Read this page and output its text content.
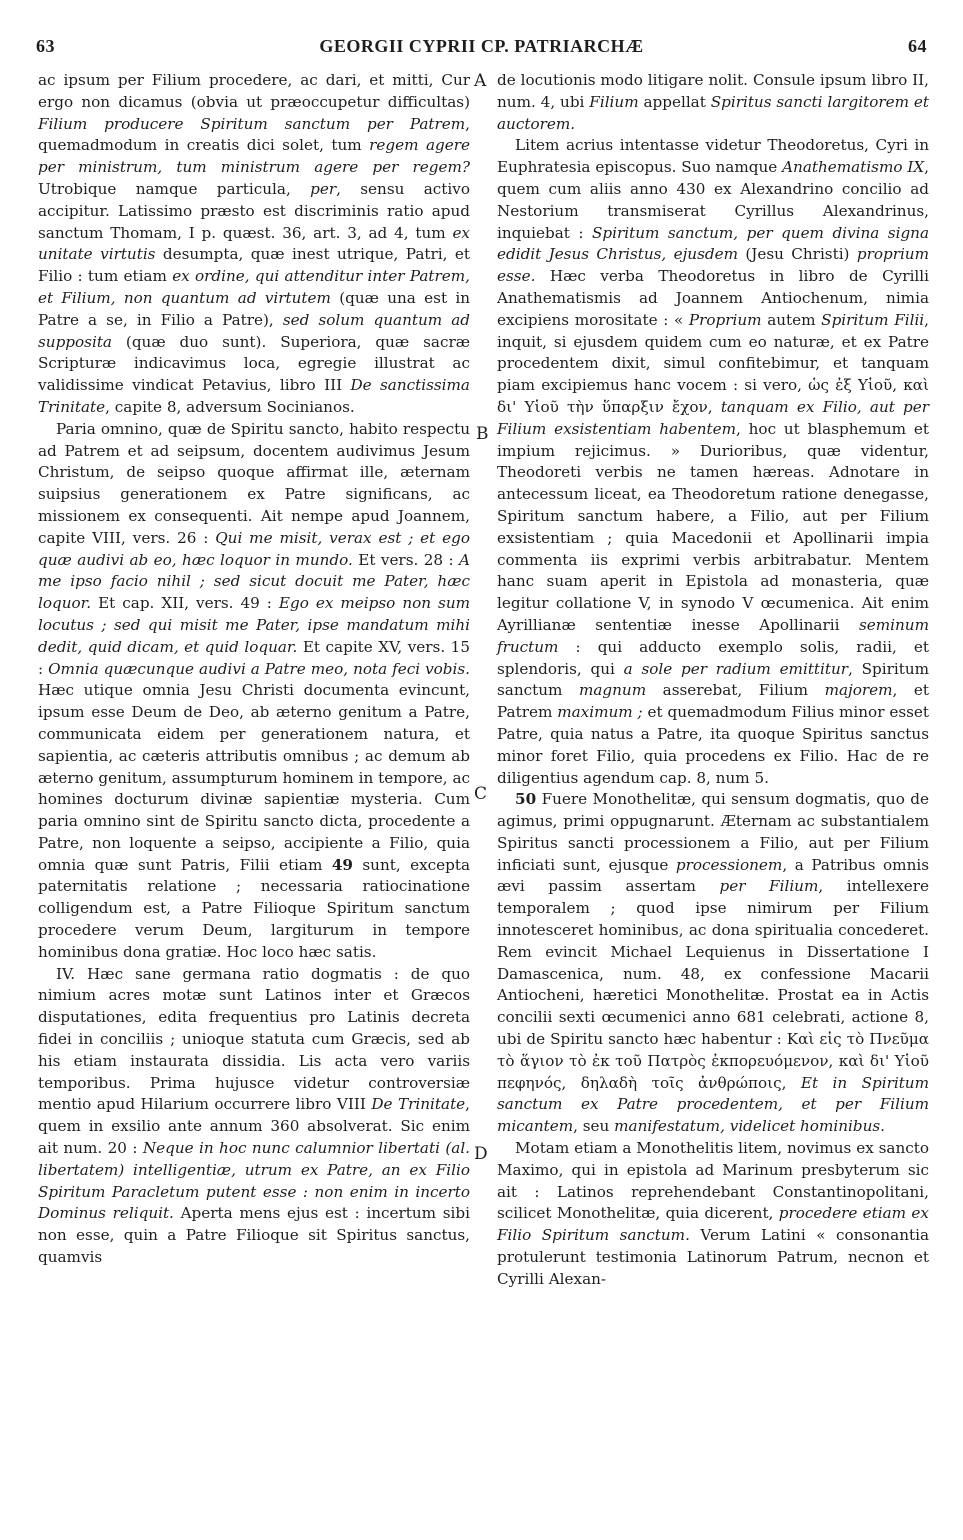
63	GEORGII CYPRII CP. PATRIARCHÆ	64
A
B
C
D

ac ipsum per Filium procedere, ac dari, et mitti, Cur ergo non dicamus (obvia ut præoccupetur difficultas) Filium producere Spiritum sanctum per Patrem, quemadmodum in creatis dici solet, tum regem agere per ministrum, tum ministrum agere per regem? Utrobique namque particula, per, sensu activo accipitur. Latissimo præsto est discriminis ratio apud sanctum Thomam, I p. quæst. 36, art. 3, ad 4, tum ex unitate virtutis desumpta, quæ inest utrique, Patri, et Filio : tum etiam ex ordine, qui attenditur inter Patrem, et Filium, non quantum ad virtutem (quæ una est in Patre a se, in Filio a Patre), sed solum quantum ad supposita (quæ duo sunt). Superiora, quæ sacræ Scripturæ indicavimus loca, egregie illustrat ac validissime vindicat Petavius, libro III De sanctissima Trinitate, capite 8, adversum Socinianos.

Paria omnino, quæ de Spiritu sancto, habito respectu ad Patrem et ad seipsum, docentem audivimus Jesum Christum, de seipso quoque affirmat ille, æternam suipsius generationem ex Patre significans, ac missionem ex consequenti. Ait nempe apud Joannem, capite VIII, vers. 26 : Qui me misit, verax est ; et ego quæ audivi ab eo, hæc loquor in mundo. Et vers. 28 : A me ipso facio nihil ; sed sicut docuit me Pater, hæc loquor. Et cap. XII, vers. 49 : Ego ex meipso non sum locutus ; sed qui misit me Pater, ipse mandatum mihi dedit, quid dicam, et quid loquar. Et capite XV, vers. 15 : Omnia quæcunque audivi a Patre meo, nota feci vobis. Hæc utique omnia Jesu Christi documenta evincunt, ipsum esse Deum de Deo, ab æterno genitum a Patre, communicata eidem per generationem natura, et sapientia, ac cæteris attributis omnibus ; ac demum ab æterno genitum, assumpturum hominem in tempore, ac homines docturum divinæ sapientiæ mysteria. Cum paria omnino sint de Spiritu sancto dicta, procedente a Patre, non loquente a seipso, accipiente a Filio, quia omnia quæ sunt Patris, Filii etiam 49 sunt, excepta paternitatis relatione ; necessaria ratiocinatione colligendum est, a Patre Filioque Spiritum sanctum procedere verum Deum, largiturum in tempore hominibus dona gratiæ. Hoc loco hæc satis.

IV. Hæc sane germana ratio dogmatis : de quo nimium acres motæ sunt Latinos inter et Græcos disputationes, edita frequentius pro Latinis decreta fidei in conciliis ; unioque statuta cum Græcis, sed ab his etiam instaurata dissidia. Lis acta vero variis temporibus. Prima hujusce videtur controversiæ mentio apud Hilarium occurrere libro VIII De Trinitate, quem in exsilio ante annum 360 absolverat. Sic enim ait num. 20 : Neque in hoc nunc calumnior libertati (al. libertatem) intelligentiæ, utrum ex Patre, an ex Filio Spiritum Paracletum putent esse : non enim in incerto Dominus reliquit. Aperta mens ejus est : incertum sibi non esse, quin a Patre Filioque sit Spiritus sanctus, quamvis

de locutionis modo litigare nolit. Consule ipsum libro II, num. 4, ubi Filium appellat Spiritus sancti largitorem et auctorem.

Litem acrius intentasse videtur Theodoretus, Cyri in Euphratesia episcopus. Suo namque Anathematismo IX, quem cum aliis anno 430 ex Alexandrino concilio ad Nestorium transmiserat Cyrillus Alexandrinus, inquiebat : Spiritum sanctum, per quem divina signa edidit Jesus Christus, ejusdem (Jesu Christi) proprium esse. Hæc verba Theodoretus in libro de Cyrilli Anathematismis ad Joannem Antiochenum, nimia excipiens morositate : « Proprium autem Spiritum Filii, inquit, si ejusdem quidem cum eo naturæ, et ex Patre procedentem dixit, simul confitebimur, et tanquam piam excipiemus hanc vocem : si vero, ὡς ἐξ Υἱοῦ, καὶ δι' Υἱοῦ τὴν ὕπαρξιν ἔχον, tanquam ex Filio, aut per Filium exsistentiam habentem, hoc ut blasphemum et impium rejicimus. » Durioribus, quæ videntur, Theodoreti verbis ne tamen hæreas. Adnotare in antecessum liceat, ea Theodoretum ratione denegasse, Spiritum sanctum habere, a Filio, aut per Filium exsistentiam ; quia Macedonii et Apollinarii impia commenta iis exprimi verbis arbitrabatur. Mentem hanc suam aperit in Epistola ad monasteria, quæ legitur collatione V, in synodo V œcumenica. Ait enim Ayrillianæ sententiæ inesse Apollinarii seminum fructum : qui adducto exemplo solis, radii, et splendoris, qui a sole per radium emittitur, Spiritum sanctum magnum asserebat, Filium majorem, et Patrem maximum ; et quemadmodum Filius minor esset Patre, quia natus a Patre, ita quoque Spiritus sanctus minor foret Filio, quia procedens ex Filio. Hac de re diligentius agendum cap. 8, num 5.

50 Fuere Monothelitæ, qui sensum dogmatis, quo de agimus, primi oppugnarunt. Æternam ac substantialem Spiritus sancti processionem a Filio, aut per Filium inficiati sunt, ejusque processionem, a Patribus omnis ævi passim assertam per Filium, intellexere temporalem ; quod ipse nimirum per Filium innotesceret hominibus, ac dona spiritualia concederet. Rem evincit Michael Lequienus in Dissertatione I Damascenica, num. 48, ex confessione Macarii Antiocheni, hæretici Monothelitæ. Prostat ea in Actis concilii sexti œcumenici anno 681 celebrati, actione 8, ubi de Spiritu sancto hæc habentur : Καὶ εἰς τὸ Πνεῦμα τὸ ἅγιον τὸ ἐκ τοῦ Πατρὸς ἐκπορευόμενον, καὶ δι' Υἱοῦ πεφηνός, δηλαδὴ τοῖς ἀνθρώποις, Et in Spiritum sanctum ex Patre procedentem, et per Filium micantem, seu manifestatum, videlicet hominibus.

Motam etiam a Monothelitis litem, novimus ex sancto Maximo, qui in epistola ad Marinum presbyterum sic ait : Latinos reprehendebant Constantinopolitani, scilicet Monothelitæ, quia dicerent, procedere etiam ex Filio Spiritum sanctum. Verum Latini « consonantia protulerunt testimonia Latinorum Patrum, necnon et Cyrilli Alexan-
